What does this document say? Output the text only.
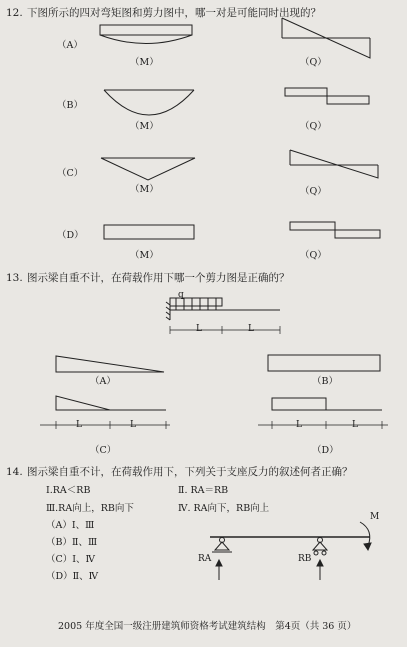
12. 下图所示的四对弯矩图和剪力图中，哪一对是可能同时出现的？
（A）
（M）	（Q）
（B）
（M）	（Q）
（C）
（M）	（Q）
（D）
（M）	（Q）
13. 图示梁自重不计，在荷载作用下哪一个剪力图是正确的？
q
L	L
（A）	（B）
L	L	L	L
（C）	（D）
14. 图示梁自重不计，在荷载作用下，下列关于支座反力的叙述何者正确？
Ⅰ.RA＜RB	Ⅱ. RA＝RB
Ⅲ.RA向上，RB向下	Ⅳ. RA向下，RB向上
（A）Ⅰ、Ⅲ
（B）Ⅱ、Ⅲ
（C）Ⅰ、Ⅳ
（D）Ⅱ、Ⅳ
M
RA	RB
2005 年度全国一级注册建筑师资格考试建筑结构　第4页（共 36 页）
